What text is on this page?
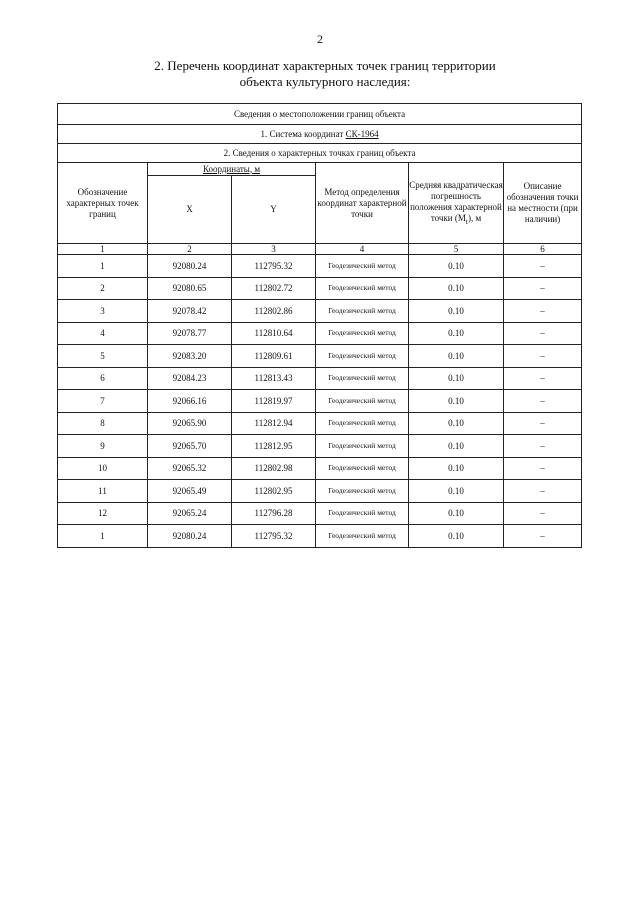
2
2. Перечень координат характерных точек границ территории
объекта культурного наследия:
Сведения о местоположении границ объекта					
1. Система координат СК-1964					
2. Сведения о характерных точках границ объекта					
Обозначение характерных точек границ	Координаты, м		Метод определения координат характерной точки	Средняя квадратическая погрешность положения характерной точки $(M_t)$, м	Описание обозначения точки на местности (при наличии)
	X	Y			
1	2	3	4	5	6
1	92080.24	112795.32	Геодезический метод	0.10	–
2	92080.65	112802.72	Геодезический метод	0.10	–
3	92078.42	112802.86	Геодезический метод	0.10	–
4	92078.77	112810.64	Геодезический метод	0.10	–
5	92083.20	112809.61	Геодезический метод	0.10	–
6	92084.23	112813.43	Геодезический метод	0.10	–
7	92066.16	112819.97	Геодезический метод	0.10	–
8	92065.90	112812.94	Геодезический метод	0.10	–
9	92065.70	112812.95	Геодезический метод	0.10	–
10	92065.32	112802.98	Геодезический метод	0.10	–
11	92065.49	112802.95	Геодезический метод	0.10	–
12	92065.24	112796.28	Геодезический метод	0.10	–
1	92080.24	112795.32	Геодезический метод	0.10	–
